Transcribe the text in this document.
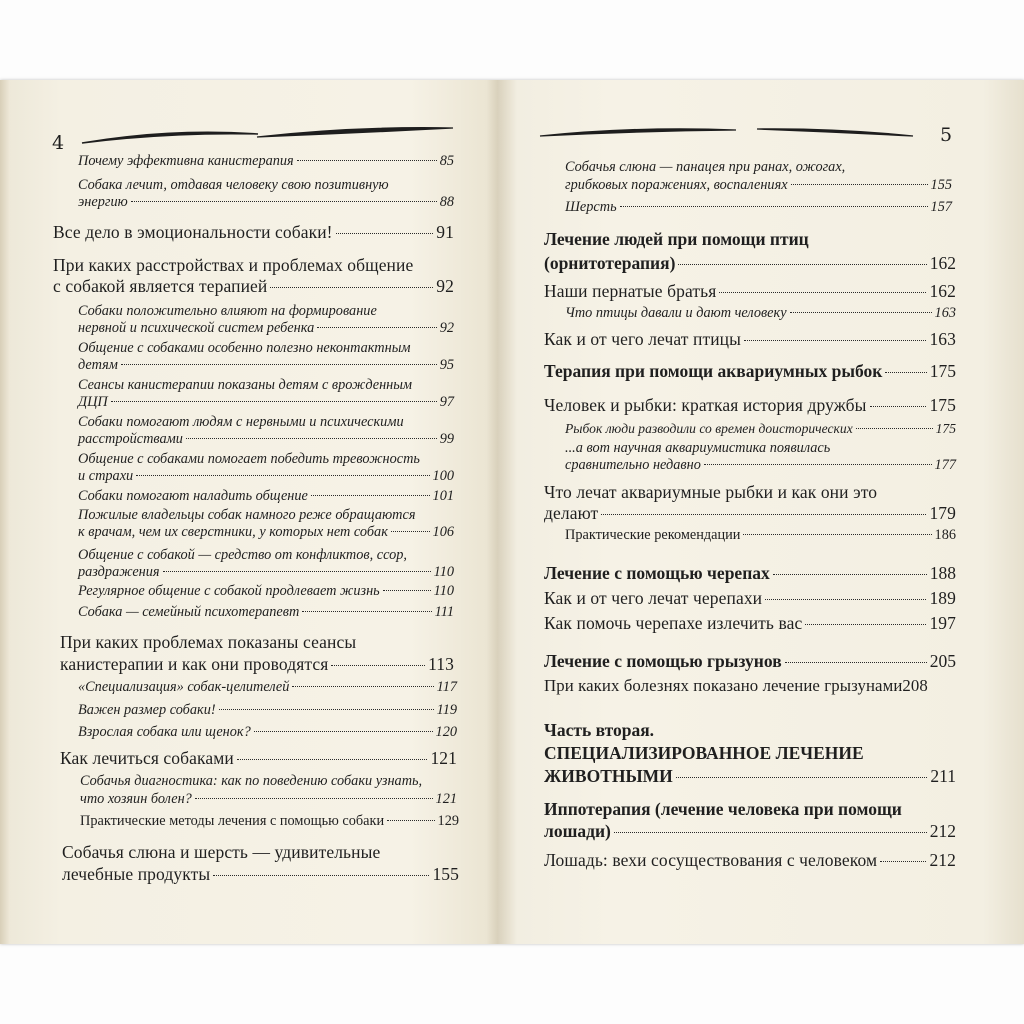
4
Почему эффективна канистерапия	85
Собака лечит, отдавая человеку свою позитивную
энергию	88
Все дело в эмоциональности собаки!	91
При каких расстройствах и проблемах общение
с собакой является терапией	92
Собаки положительно влияют на формирование
нервной и психической систем ребенка	92
Общение с собаками особенно полезно неконтактным
детям	95
Сеансы канистерапии показаны детям с врожденным
ДЦП	97
Собаки помогают людям с нервными и психическими
расстройствами	99
Общение с собаками помогает победить тревожность
и страхи	100
Собаки помогают наладить общение	101
Пожилые владельцы собак намного реже обращаются
к врачам, чем их сверстники, у которых нет собак	106
Общение с собакой — средство от конфликтов, ссор,
раздражения	110
Регулярное общение с собакой продлевает жизнь	110
Собака — семейный психотерапевт	111
При каких проблемах показаны сеансы
канистерапии и как они проводятся	113
«Специализация» собак-целителей	117
Важен размер собаки!	119
Взрослая собака или щенок?	120
Как лечиться собаками	121
Собачья диагностика: как по поведению собаки узнать,
что хозяин болен?	121
Практические методы лечения с помощью собаки	129
Собачья слюна и шерсть — удивительные
лечебные продукты	155
5
Собачья слюна — панацея при ранах, ожогах,
грибковых поражениях, воспалениях	155
Шерсть	157
Лечение людей при помощи птиц
(орнитотерапия)	162
Наши пернатые братья	162
Что птицы давали и дают человеку	163
Как и от чего лечат птицы	163
Терапия при помощи аквариумных рыбок	175
Человек и рыбки: краткая история дружбы	175
Рыбок люди разводили со времен доисторических	175
...а вот научная аквариумистика появилась
сравнительно недавно	177
Что лечат аквариумные рыбки и как они это
делают	179
Практические рекомендации	186
Лечение с помощью черепах	188
Как и от чего лечат черепахи	189
Как помочь черепахе излечить вас	197
Лечение с помощью грызунов	205
При каких болезнях показано лечение грызунами 208
Часть вторая.
СПЕЦИАЛИЗИРОВАННОЕ ЛЕЧЕНИЕ
ЖИВОТНЫМИ	211
Иппотерапия (лечение человека при помощи
лошади)	212
Лошадь: вехи сосуществования с человеком	212
